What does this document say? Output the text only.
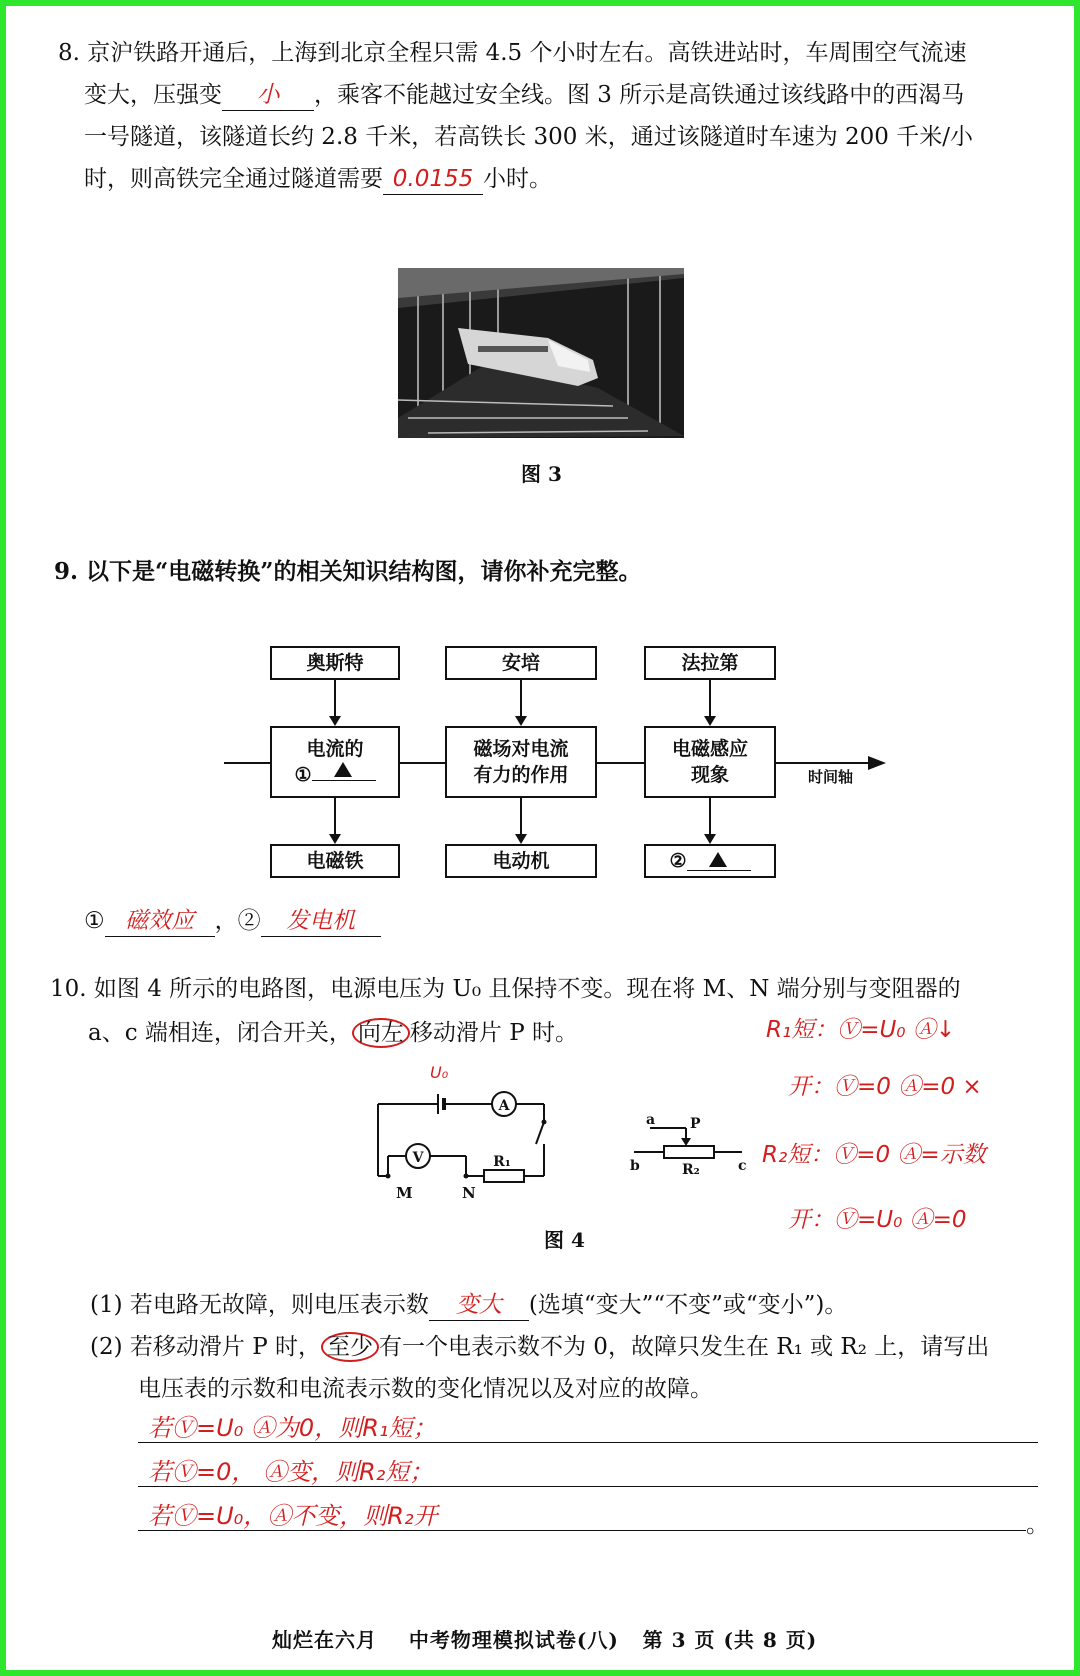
8. 京沪铁路开通后，上海到北京全程只需 4.5 个小时左右。高铁进站时，车周围空气流速
变大，压强变 小 ，乘客不能越过安全线。图 3 所示是高铁通过该线路中的西渴马
一号隧道，该隧道长约 2.8 千米，若高铁长 300 米，通过该隧道时车速为 200 千米/小
时，则高铁完全通过隧道需要 0.0155 小时。
图 3
9. 以下是“电磁转换”的相关知识结构图，请你补充完整。
时间轴
奥斯特	安培	法拉第
电流的
①
磁场对电流
有力的作用
电磁感应
现象
电磁铁	电动机	②
① 磁效应 ，② 发电机
10. 如图 4 所示的电路图，电源电压为 U₀ 且保持不变。现在将 M、N 端分别与变阻器的
a、c 端相连，闭合开关， 向左 移动滑片 P 时。
U₀
A
V	R₁
M	N
a P
b	R₂	c
R₁短：Ⓥ=U₀ Ⓐ↓
开：Ⓥ=0 Ⓐ=0 ×
R₂短：Ⓥ=0 Ⓐ=示数
开：Ⓥ=U₀ Ⓐ=0
图 4
(1) 若电路无故障，则电压表示数 变大 (选填“变大”“不变”或“变小”)。
(2) 若移动滑片 P 时， 至少 有一个电表示数不为 0，故障只发生在 R₁ 或 R₂ 上，请写出
电压表的示数和电流表示数的变化情况以及对应的故障。
若Ⓥ=U₀ Ⓐ为0，则R₁短；
若Ⓥ=0， Ⓐ变，则R₂短；
若Ⓥ=U₀，Ⓐ不变，则R₂开	。
灿烂在六月    中考物理模拟试卷(八)   第 3 页 (共 8 页)
